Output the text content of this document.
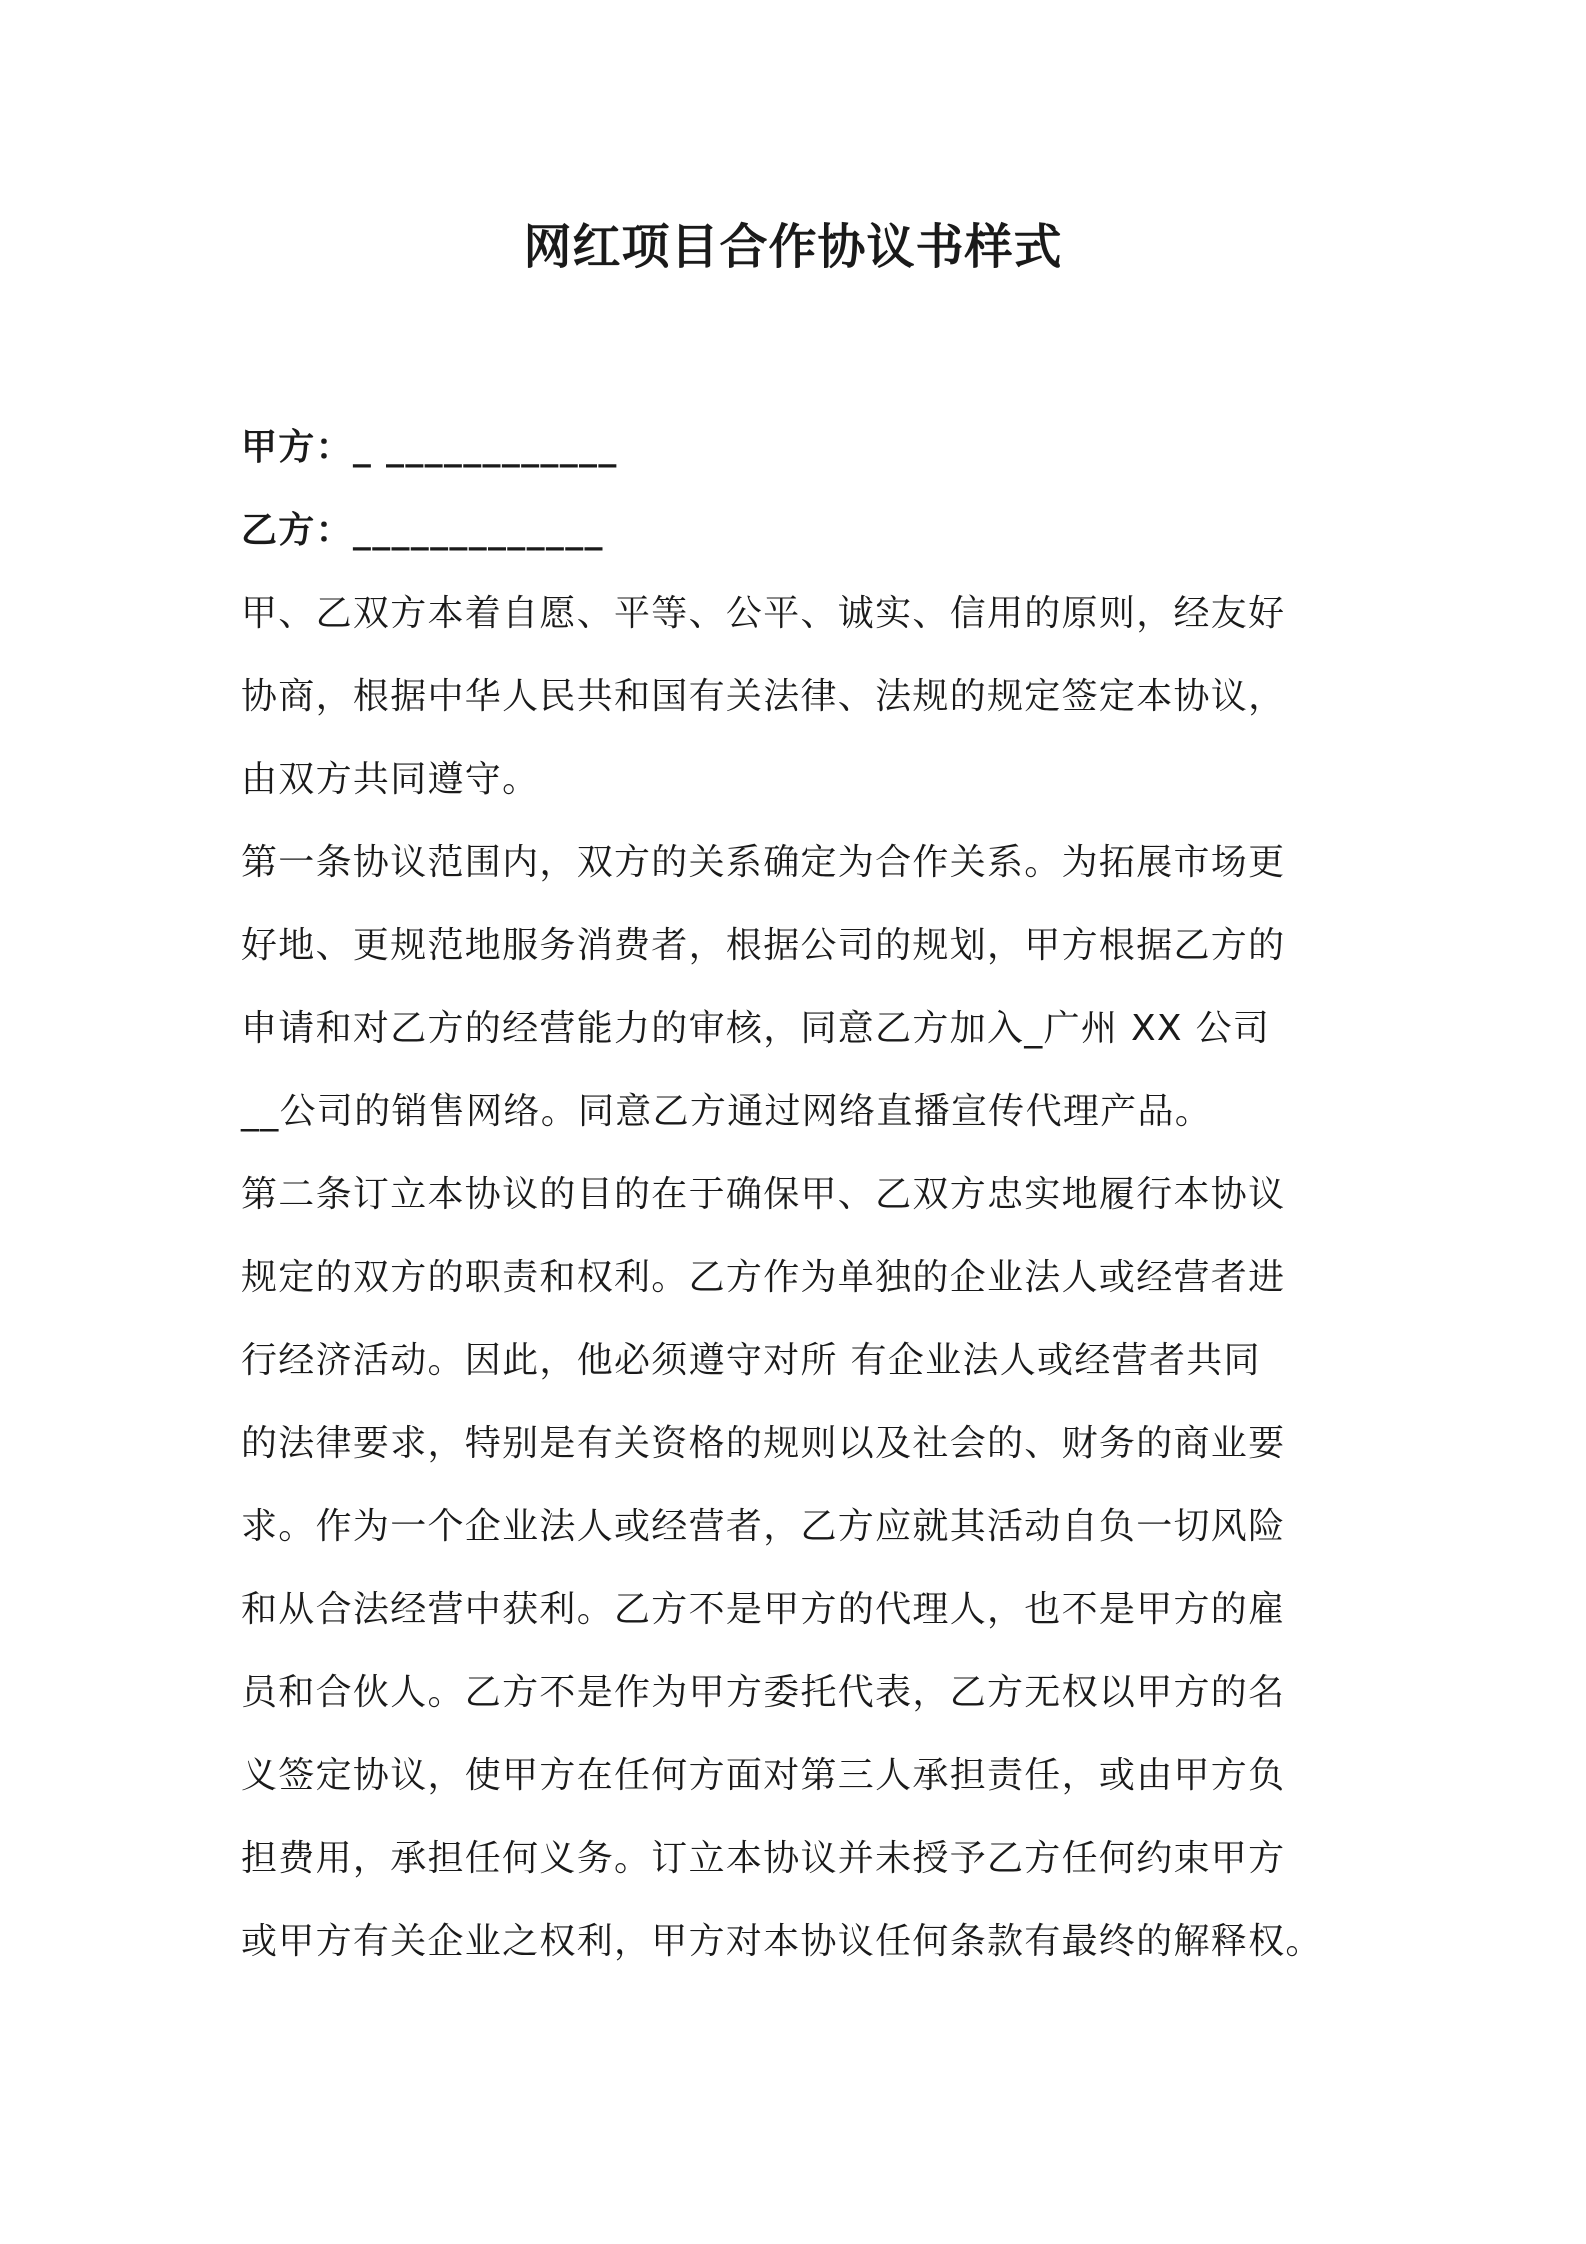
网红项目合作协议书样式
甲方：_ ____________
乙方：_____________
甲、乙双方本着自愿、平等、公平、诚实、信用的原则，经友好
协商，根据中华人民共和国有关法律、法规的规定签定本协议，
由双方共同遵守。
第一条协议范围内，双方的关系确定为合作关系。为拓展市场更
好地、更规范地服务消费者，根据公司的规划，甲方根据乙方的
申请和对乙方的经营能力的审核，同意乙方加入_广州 XX 公司
__公司的销售网络。同意乙方通过网络直播宣传代理产品。
第二条订立本协议的目的在于确保甲、乙双方忠实地履行本协议
规定的双方的职责和权利。乙方作为单独的企业法人或经营者进
行经济活动。因此，他必须遵守对所 有企业法人或经营者共同
的法律要求，特别是有关资格的规则以及社会的、财务的商业要
求。作为一个企业法人或经营者，乙方应就其活动自负一切风险
和从合法经营中获利。乙方不是甲方的代理人，也不是甲方的雇
员和合伙人。乙方不是作为甲方委托代表，乙方无权以甲方的名
义签定协议，使甲方在任何方面对第三人承担责任，或由甲方负
担费用，承担任何义务。订立本协议并未授予乙方任何约束甲方
或甲方有关企业之权利，甲方对本协议任何条款有最终的解释权。
